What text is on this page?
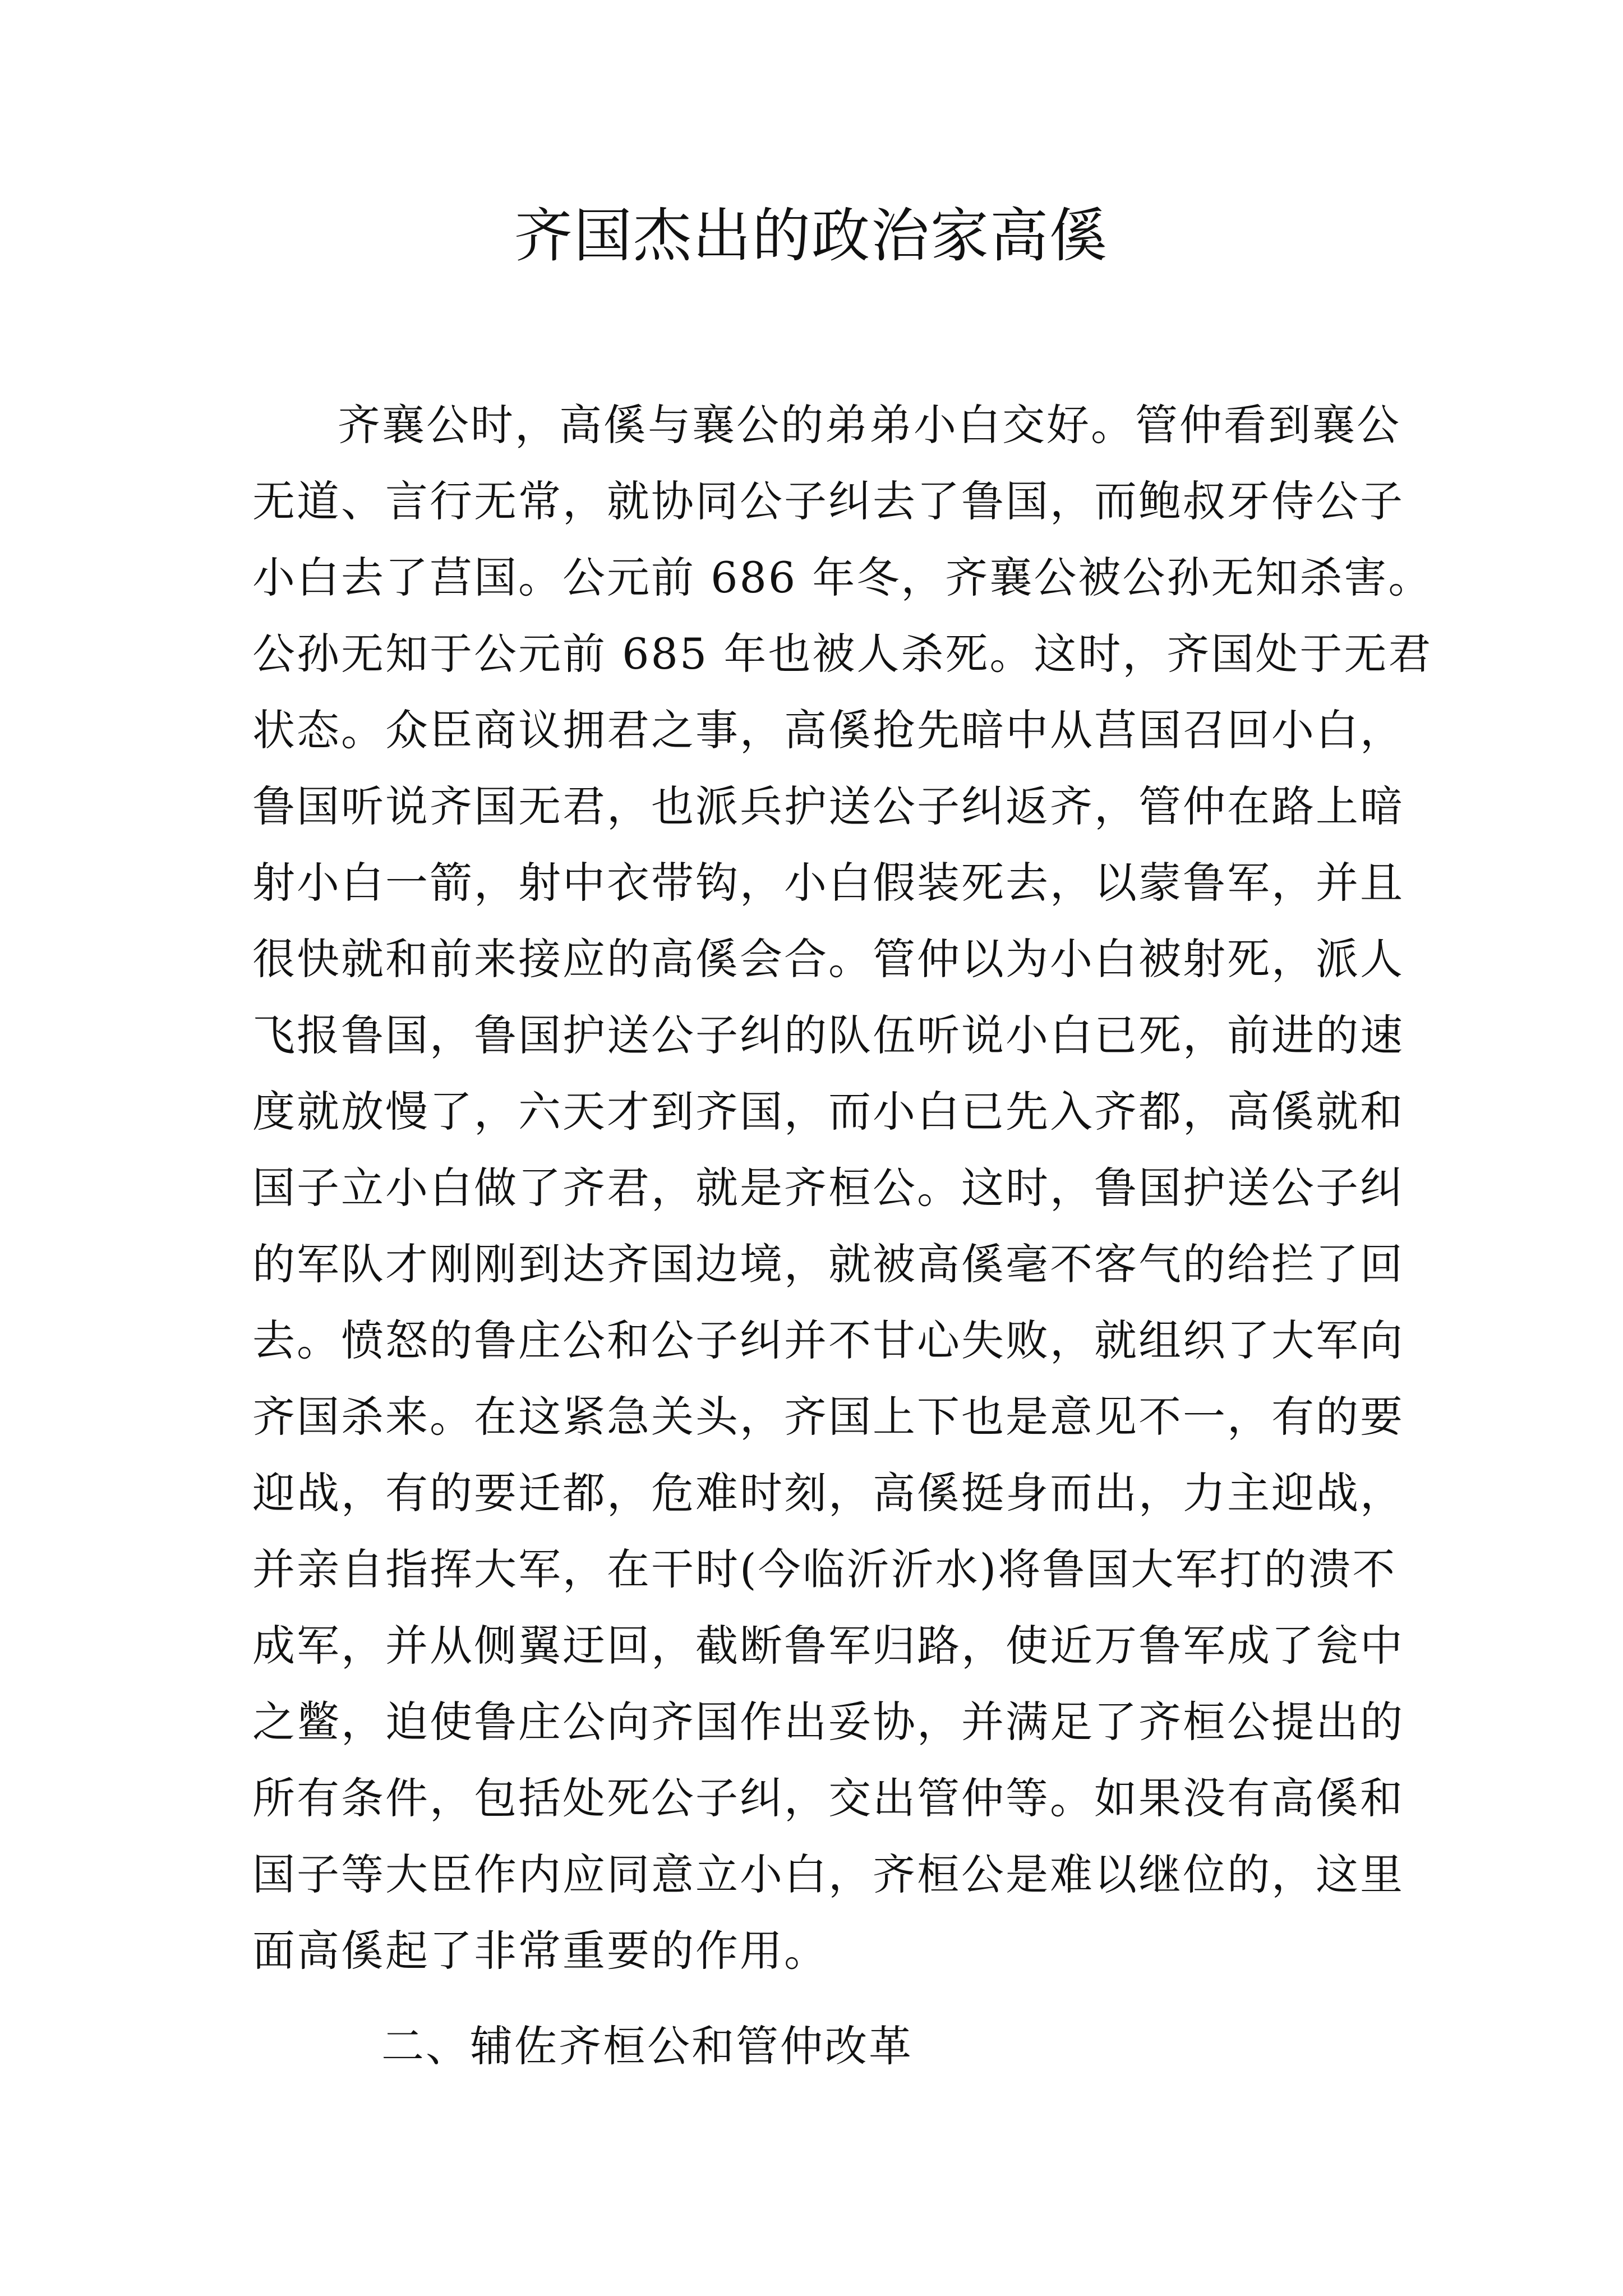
齐国杰出的政治家高傒
齐襄公时，高傒与襄公的弟弟小白交好。管仲看到襄公
无道、言行无常，就协同公子纠去了鲁国，而鲍叔牙侍公子
小白去了莒国。公元前 686 年冬，齐襄公被公孙无知杀害。
公孙无知于公元前 685 年也被人杀死。这时，齐国处于无君
状态。众臣商议拥君之事，高傒抢先暗中从莒国召回小白，
鲁国听说齐国无君，也派兵护送公子纠返齐，管仲在路上暗
射小白一箭，射中衣带钩，小白假装死去，以蒙鲁军，并且
很快就和前来接应的高傒会合。管仲以为小白被射死，派人
飞报鲁国，鲁国护送公子纠的队伍听说小白已死，前进的速
度就放慢了，六天才到齐国，而小白已先入齐都，高傒就和
国子立小白做了齐君，就是齐桓公。这时，鲁国护送公子纠
的军队才刚刚到达齐国边境，就被高傒毫不客气的给拦了回
去。愤怒的鲁庄公和公子纠并不甘心失败，就组织了大军向
齐国杀来。在这紧急关头，齐国上下也是意见不一，有的要
迎战，有的要迁都，危难时刻，高傒挺身而出，力主迎战，
并亲自指挥大军，在干时(今临沂沂水)将鲁国大军打的溃不
成军，并从侧翼迂回，截断鲁军归路，使近万鲁军成了瓮中
之鳖，迫使鲁庄公向齐国作出妥协，并满足了齐桓公提出的
所有条件，包括处死公子纠，交出管仲等。如果没有高傒和
国子等大臣作内应同意立小白，齐桓公是难以继位的，这里
面高傒起了非常重要的作用。
二、辅佐齐桓公和管仲改革
